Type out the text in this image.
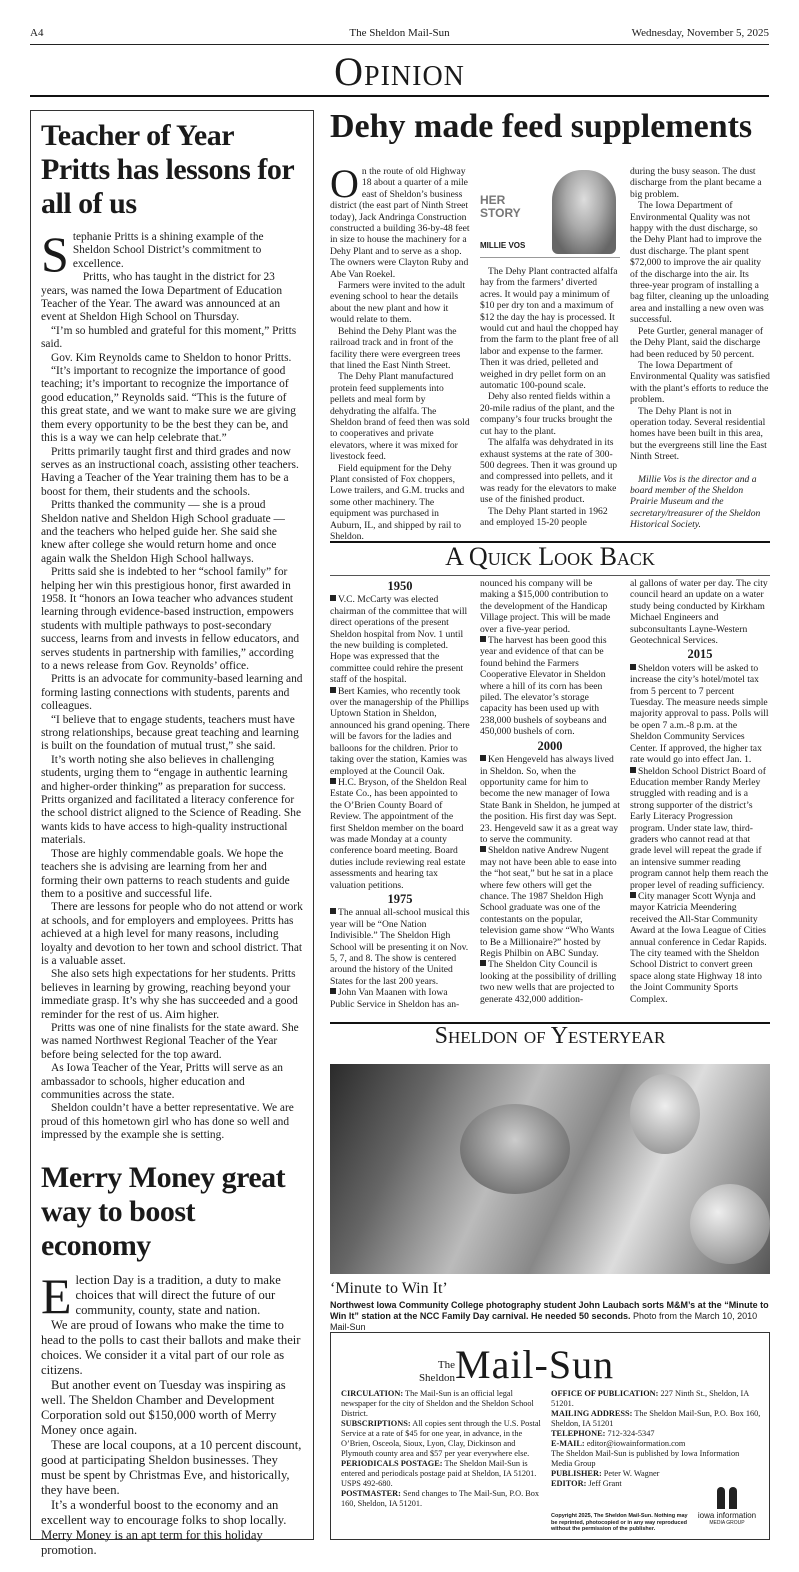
A4	The Sheldon Mail-Sun	Wednesday, November 5, 2025
Opinion
Teacher of Year Pritts has lessons for all of us

Stephanie Pritts is a shining example of the Sheldon School District’s commitment to excellence.

Pritts, who has taught in the district for 23 years, was named the Iowa Department of Education Teacher of the Year. The award was announced at an event at Sheldon High School on Thursday.

“I’m so humbled and grateful for this moment,” Pritts said.

Gov. Kim Reynolds came to Sheldon to honor Pritts.

“It’s important to recognize the importance of good teaching; it’s important to recognize the importance of good education,” Reynolds said. “This is the future of this great state, and we want to make sure we are giving them every opportunity to be the best they can be, and this is a way we can help celebrate that.”

Pritts primarily taught first and third grades and now serves as an instructional coach, assisting other teachers. Having a Teacher of the Year training them has to be a boost for them, their students and the schools.

Pritts thanked the community — she is a proud Sheldon native and Sheldon High School graduate — and the teachers who helped guide her. She said she knew after college she would return home and once again walk the Sheldon High School hallways.

Pritts said she is indebted to her “school family” for helping her win this prestigious honor, first awarded in 1958. It “honors an Iowa teacher who advances student learning through evidence-based instruction, empowers students with multiple pathways to post-secondary success, learns from and invests in fellow educators, and serves students in partnership with families,” according to a news release from Gov. Reynolds’ office.

Pritts is an advocate for community-based learning and forming lasting connections with students, parents and colleagues.

“I believe that to engage students, teachers must have strong relationships, because great teaching and learning is built on the foundation of mutual trust,” she said.

It’s worth noting she also believes in challenging students, urging them to “engage in authentic learning and higher-order thinking” as preparation for success. Pritts organized and facilitated a literacy conference for the school district aligned to the Science of Reading. She wants kids to have access to high-quality instructional materials.

Those are highly commendable goals. We hope the teachers she is advising are learning from her and forming their own patterns to reach students and guide them to a positive and successful life.

There are lessons for people who do not attend or work at schools, and for employers and employees. Pritts has achieved at a high level for many reasons, including loyalty and devotion to her town and school district. That is a valuable asset.

She also sets high expectations for her students. Pritts believes in learning by growing, reaching beyond your immediate grasp. It’s why she has succeeded and a good reminder for the rest of us. Aim higher.

Pritts was one of nine finalists for the state award. She was named Northwest Regional Teacher of the Year before being selected for the top award.

As Iowa Teacher of the Year, Pritts will serve as an ambassador to schools, higher education and communities across the state.

Sheldon couldn’t have a better representative. We are proud of this hometown girl who has done so well and impressed by the example she is setting.

Merry Money great way to boost economy

Election Day is a tradition, a duty to make choices that will direct the future of our community, county, state and nation.

We are proud of Iowans who make the time to head to the polls to cast their ballots and make their choices. We consider it a vital part of our role as citizens.

But another event on Tuesday was inspiring as well. The Sheldon Chamber and Development Corporation sold out $150,000 worth of Merry Money once again.

These are local coupons, at a 10 percent discount, good at participating Sheldon businesses. They must be spent by Christmas Eve, and historically, they have been.

It’s a wonderful boost to the economy and an excellent way to encourage folks to shop locally. Merry Money is an apt term for this holiday promotion.

Dehy made feed supplements

On the route of old Highway 18 about a quarter of a mile east of Sheldon’s business district (the east part of Ninth Street today), Jack Andringa Construction constructed a building 36-by-48 feet in size to house the machinery for a Dehy Plant and to serve as a shop. The owners were Clayton Ruby and Abe Van Roekel.

Farmers were invited to the adult evening school to hear the details about the new plant and how it would relate to them.

Behind the Dehy Plant was the railroad track and in front of the facility there were evergreen trees that lined the East Ninth Street.

The Dehy Plant manufactured protein feed supplements into pellets and meal form by dehydrating the alfalfa. The Sheldon brand of feed then was sold to cooperatives and private elevators, where it was mixed for livestock feed.

Field equipment for the Dehy Plant consisted of Fox choppers, Lowe trailers, and G.M. trucks and some other machinery. The equipment was purchased in Auburn, IL, and shipped by rail to Sheldon.

HER
STORY
MILLIE VOS

The Dehy Plant contracted alfalfa hay from the farmers’ diverted acres. It would pay a minimum of $10 per dry ton and a maximum of $12 the day the hay is processed. It would cut and haul the chopped hay from the farm to the plant free of all labor and expense to the farmer. Then it was dried, pelleted and weighed in dry pellet form on an automatic 100-pound scale.

Dehy also rented fields within a 20-mile radius of the plant, and the company’s four trucks brought the cut hay to the plant.

The alfalfa was dehydrated in its exhaust systems at the rate of 300-500 degrees. Then it was ground up and compressed into pellets, and it was ready for the elevators to make use of the finished product.

The Dehy Plant started in 1962 and employed 15-20 people

during the busy season. The dust discharge from the plant became a big problem.

The Iowa Department of Environmental Quality was not happy with the dust discharge, so the Dehy Plant had to improve the dust discharge. The plant spent $72,000 to improve the air quality of the discharge into the air. Its three-year program of installing a bag filter, cleaning up the unloading area and installing a new oven was successful.

Pete Gurtler, general manager of the Dehy Plant, said the discharge had been reduced by 50 percent.

The Iowa Department of Environmental Quality was satisfied with the plant’s efforts to reduce the problem.

The Dehy Plant is not in operation today. Several residential homes have been built in this area, but the evergreens still line the East Ninth Street.

Millie Vos is the director and a board member of the Sheldon Prairie Museum and the secretary/treasurer of the Sheldon Historical Society.

A Quick Look Back
1950

V.C. McCarty was elected chairman of the committee that will direct operations of the present Sheldon hospital from Nov. 1 until the new building is completed. Hope was expressed that the committee could rehire the present staff of the hospital.

Bert Kamies, who recently took over the managership of the Phillips Uptown Station in Sheldon, announced his grand opening. There will be favors for the ladies and balloons for the children. Prior to taking over the station, Kamies was employed at the Council Oak.

H.C. Bryson, of the Sheldon Real Estate Co., has been appointed to the O’Brien County Board of Review. The appointment of the first Sheldon member on the board was made Monday at a county conference board meeting. Board duties include reviewing real estate assessments and hearing tax valuation petitions.

1975

The annual all-school musical this year will be “One Nation Indivisible.” The Sheldon High School will be presenting it on Nov. 5, 7, and 8. The show is centered around the history of the United States for the last 200 years.

John Van Maanen with Iowa Public Service in Sheldon has an-

nounced his company will be making a $15,000 contribution to the development of the Handicap Village project. This will be made over a five-year period.

The harvest has been good this year and evidence of that can be found behind the Farmers Cooperative Elevator in Sheldon where a hill of its corn has been piled. The elevator’s storage capacity has been used up with 238,000 bushels of soybeans and 450,000 bushels of corn.

2000

Ken Hengeveld has always lived in Sheldon. So, when the opportunity came for him to become the new manager of Iowa State Bank in Sheldon, he jumped at the position. His first day was Sept. 23. Hengeveld saw it as a great way to serve the community.

Sheldon native Andrew Nugent may not have been able to ease into the “hot seat,” but he sat in a place where few others will get the chance. The 1987 Sheldon High School graduate was one of the contestants on the popular, television game show “Who Wants to Be a Millionaire?” hosted by Regis Philbin on ABC Sunday.

The Sheldon City Council is looking at the possibility of drilling two new wells that are projected to generate 432,000 addition-

al gallons of water per day. The city council heard an update on a water study being conducted by Kirkham Michael Engineers and subconsultants Layne-Western Geotechnical Services.

2015

Sheldon voters will be asked to increase the city’s hotel/motel tax from 5 percent to 7 percent Tuesday. The measure needs simple majority approval to pass. Polls will be open 7 a.m.-8 p.m. at the Sheldon Community Services Center. If approved, the higher tax rate would go into effect Jan. 1.

Sheldon School District Board of Education member Randy Merley struggled with reading and is a strong supporter of the district’s Early Literacy Progression program. Under state law, third-graders who cannot read at that grade level will repeat the grade if an intensive summer reading program cannot help them reach the proper level of reading sufficiency.

City manager Scott Wynja and mayor Katricia Meendering received the All-Star Community Award at the Iowa League of Cities annual conference in Cedar Rapids. The city teamed with the Sheldon School District to convert green space along state Highway 18 into the Joint Community Sports Complex.

Sheldon of Yesteryear
‘Minute to Win It’
Northwest Iowa Community College photography student John Laubach sorts M&M’s at the “Minute to Win It” station at the NCC Family Day carnival. He needed 50 seconds. Photo from the March 10, 2010 Mail-Sun
The
Sheldon Mail-Sun

CIRCULATION: The Mail-Sun is an official legal newspaper for the city of Sheldon and the Sheldon School District.

SUBSCRIPTIONS: All copies sent through the U.S. Postal Service at a rate of $45 for one year, in advance, in the O’Brien, Osceola, Sioux, Lyon, Clay, Dickinson and Plymouth county area and $57 per year everywhere else.

PERIODICALS POSTAGE: The Sheldon Mail-Sun is entered and periodicals postage paid at Sheldon, IA 51201. USPS 492-680.

POSTMASTER: Send changes to The Mail-Sun, P.O. Box 160, Sheldon, IA 51201.

OFFICE OF PUBLICATION: 227 Ninth St., Sheldon, IA 51201.

MAILING ADDRESS: The Sheldon Mail-Sun, P.O. Box 160, Sheldon, IA 51201

TELEPHONE: 712-324-5347

E-MAIL: editor@iowainformation.com

The Sheldon Mail-Sun is published by Iowa Information Media Group

PUBLISHER: Peter W. Wagner

EDITOR: Jeff Grant

Copyright 2025, The Sheldon Mail-Sun. Nothing may be reprinted, photocopied or in any way reproduced without the permission of the publisher.
iowa information
MEDIA GROUP
